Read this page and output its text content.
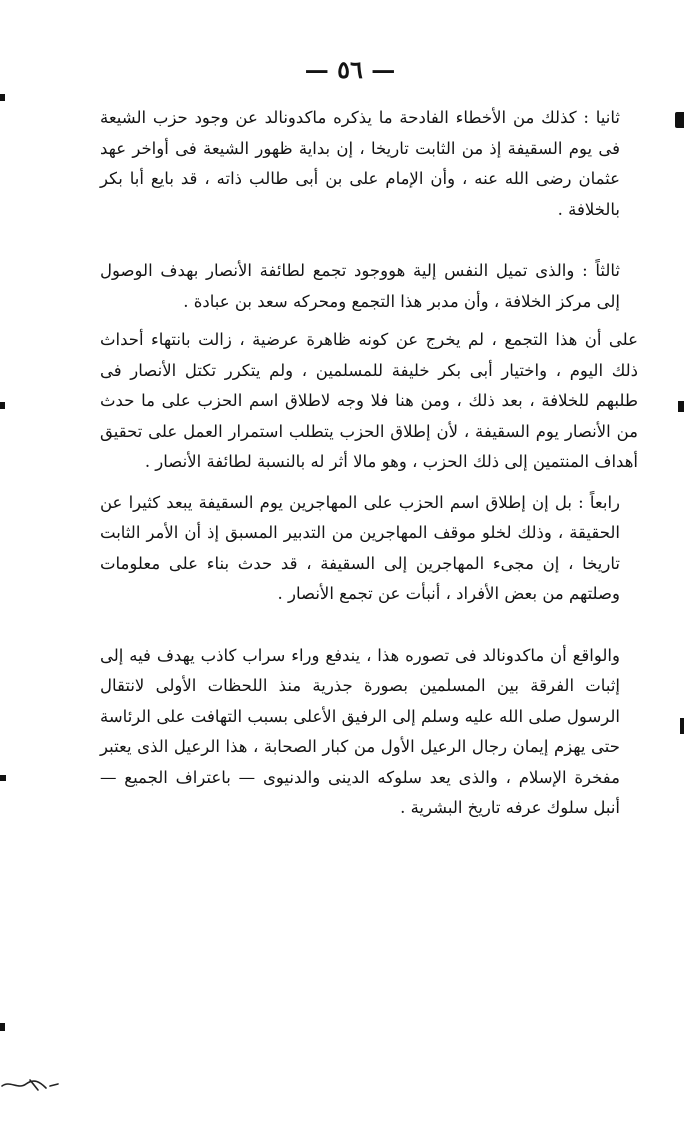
— ٥٦ —

ثانيا : كذلك من الأخطاء الفادحة ما يذكره ماكدونالد عن وجود حزب الشيعة فى يوم السقيفة إذ من الثابت تاريخا ، إن بداية ظهور الشيعة فى أواخر عهد عثمان رضى الله عنه ، وأن الإمام على بن أبى طالب ذاته ، قد بايع أبا بكر بالخلافة .

ثالثاً : والذى تميل النفس إلية هووجود تجمع لطائفة الأنصار بهدف الوصول إلى مركز الخلافة ، وأن مدبر هذا التجمع ومحركه سعد بن عبادة .

على أن هذا التجمع ، لم يخرج عن كونه ظاهرة عرضية ، زالت بانتهاء أحداث ذلك اليوم ، واختيار أبى بكر خليفة للمسلمين ، ولم يتكرر تكتل الأنصار فى طلبهم للخلافة ، بعد ذلك ، ومن هنا فلا وجه لاطلاق اسم الحزب على ما حدث من الأنصار يوم السقيفة ، لأن إطلاق الحزب يتطلب استمرار العمل على تحقيق أهداف المنتمين إلى ذلك الحزب ، وهو مالا أثر له بالنسبة لطائفة الأنصار .

رابعاً : بل إن إطلاق اسم الحزب على المهاجرين يوم السقيفة يبعد كثيرا عن الحقيقة ، وذلك لخلو موقف المهاجرين من التدبير المسبق إذ أن الأمر الثابت تاريخا ، إن مجىء المهاجرين إلى السقيفة ، قد حدث بناء على معلومات وصلتهم من بعض الأفراد ، أنبأت عن تجمع الأنصار .

والواقع أن ماكدونالد فى تصوره هذا ، يندفع وراء سراب كاذب يهدف فيه إلى إثبات الفرقة بين المسلمين بصورة جذرية منذ اللحظات الأولى لانتقال الرسول صلى الله عليه وسلم إلى الرفيق الأعلى بسبب التهافت على الرئاسة حتى يهزم إيمان رجال الرعيل الأول من كبار الصحابة ، هذا الرعيل الذى يعتبر مفخرة الإسلام ، والذى يعد سلوكه الدينى والدنيوى — باعتراف الجميع — أنبل سلوك عرفه تاريخ البشرية .
